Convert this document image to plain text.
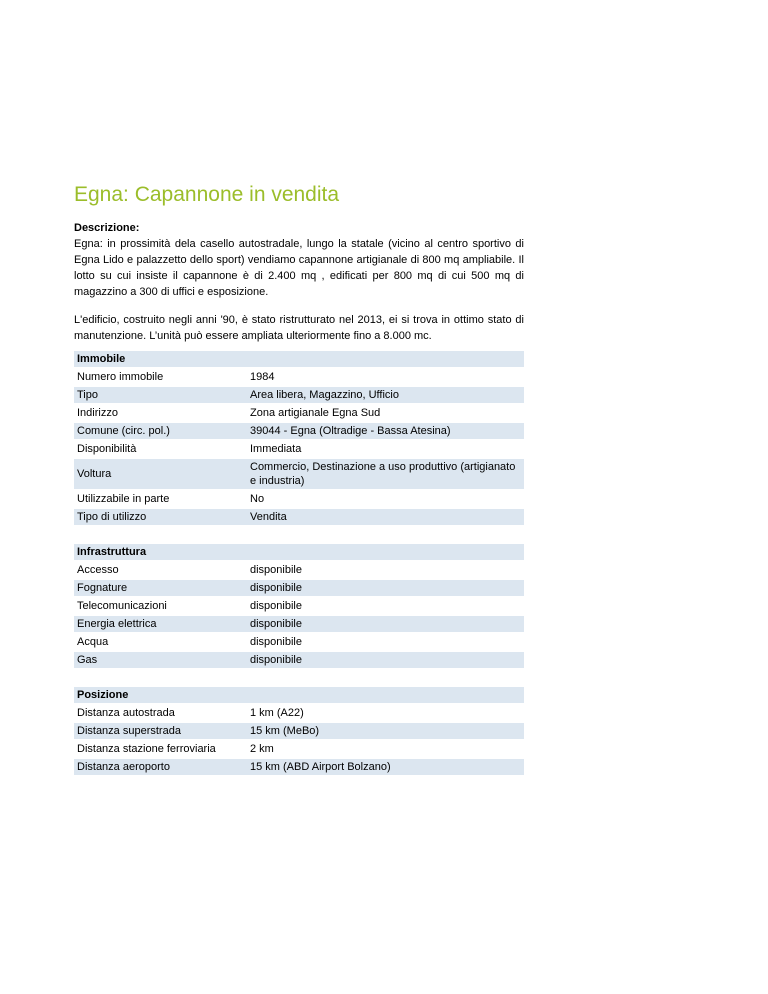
Egna: Capannone in vendita
Descrizione:

Egna: in prossimità dela casello autostradale, lungo la statale (vicino al centro sportivo di Egna Lido e palazzetto dello sport) vendiamo capannone artigianale di 800 mq ampliabile. Il lotto su cui insiste il capannone è di 2.400 mq , edificati per 800 mq di cui 500 mq di magazzino a 300 di uffici e esposizione.

L'edificio, costruito negli anni '90, è stato ristrutturato nel 2013, ei si trova in ottimo stato di manutenzione. L’unità può essere ampliata ulteriormente fino a 8.000 mc.

Immobile	
Numero immobile	1984
Tipo	Area libera, Magazzino, Ufficio
Indirizzo	Zona artigianale Egna Sud
Comune (circ. pol.)	39044 - Egna (Oltradige - Bassa Atesina)
Disponibilità	Immediata
Voltura	Commercio, Destinazione a uso produttivo (artigianato e industria)
Utilizzabile in parte	No
Tipo di utilizzo	Vendita
Infrastruttura	
Accesso	disponibile
Fognature	disponibile
Telecomunicazioni	disponibile
Energia elettrica	disponibile
Acqua	disponibile
Gas	disponibile
Posizione	
Distanza autostrada	1 km (A22)
Distanza superstrada	15 km (MeBo)
Distanza stazione ferroviaria	2 km
Distanza aeroporto	15 km (ABD Airport Bolzano)
